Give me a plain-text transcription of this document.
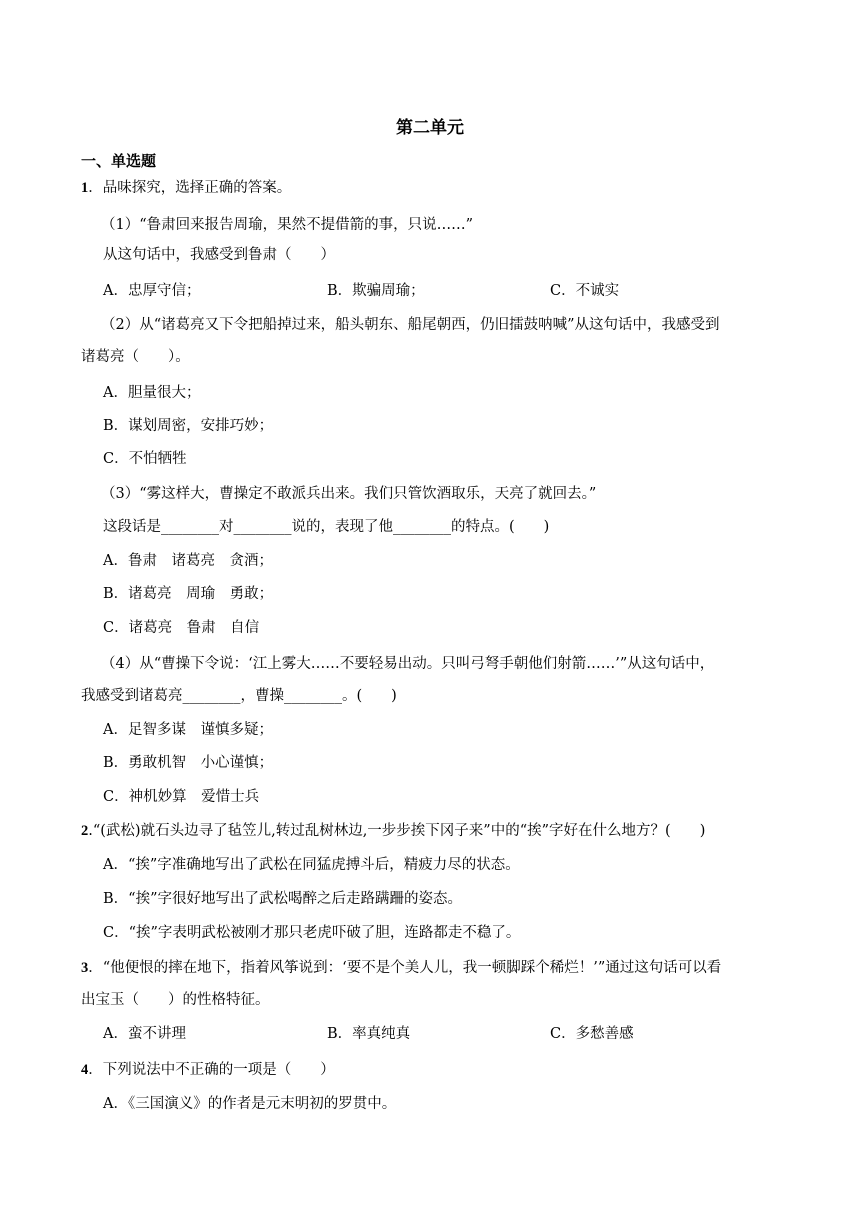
第二单元
一、单选题
1．品味探究，选择正确的答案。
（1）“鲁肃回来报告周瑜，果然不提借箭的事，只说……”
从这句话中，我感受到鲁肃（　　）
A．忠厚守信；	B．欺骗周瑜；	C．不诚实
（2）从“诸葛亮又下令把船掉过来，船头朝东、船尾朝西，仍旧擂鼓呐喊”从这句话中，我感受到
诸葛亮（　　）。
A．胆量很大；
B．谋划周密，安排巧妙；
C．不怕牺牲
（3）“雾这样大，曹操定不敢派兵出来。我们只管饮酒取乐，天亮了就回去。”
这段话是________对________说的，表现了他________的特点。(　　)
A．鲁肃　诸葛亮　贪酒；
B．诸葛亮　周瑜　勇敢；
C．诸葛亮　鲁肃　自信
（4）从“曹操下令说：‘江上雾大……不要轻易出动。只叫弓弩手朝他们射箭……’”从这句话中，
我感受到诸葛亮________，曹操________。(　　)
A．足智多谋　谨慎多疑；
B．勇敢机智　小心谨慎；
C．神机妙算　爱惜士兵
2.“(武松)就石头边寻了毡笠儿,转过乱树林边,一步步挨下冈子来”中的“挨”字好在什么地方？(　　)
A．“挨”字准确地写出了武松在同猛虎搏斗后，精疲力尽的状态。
B．“挨”字很好地写出了武松喝醉之后走路蹒跚的姿态。
C．“挨”字表明武松被刚才那只老虎吓破了胆，连路都走不稳了。
3．“他便恨的摔在地下，指着风筝说到：‘要不是个美人儿，我一顿脚踩个稀烂！’”通过这句话可以看
出宝玉（　　）的性格特征。
A．蛮不讲理	B．率真纯真	C．多愁善感
4．下列说法中不正确的一项是（　　）
A．《三国演义》的作者是元末明初的罗贯中。
